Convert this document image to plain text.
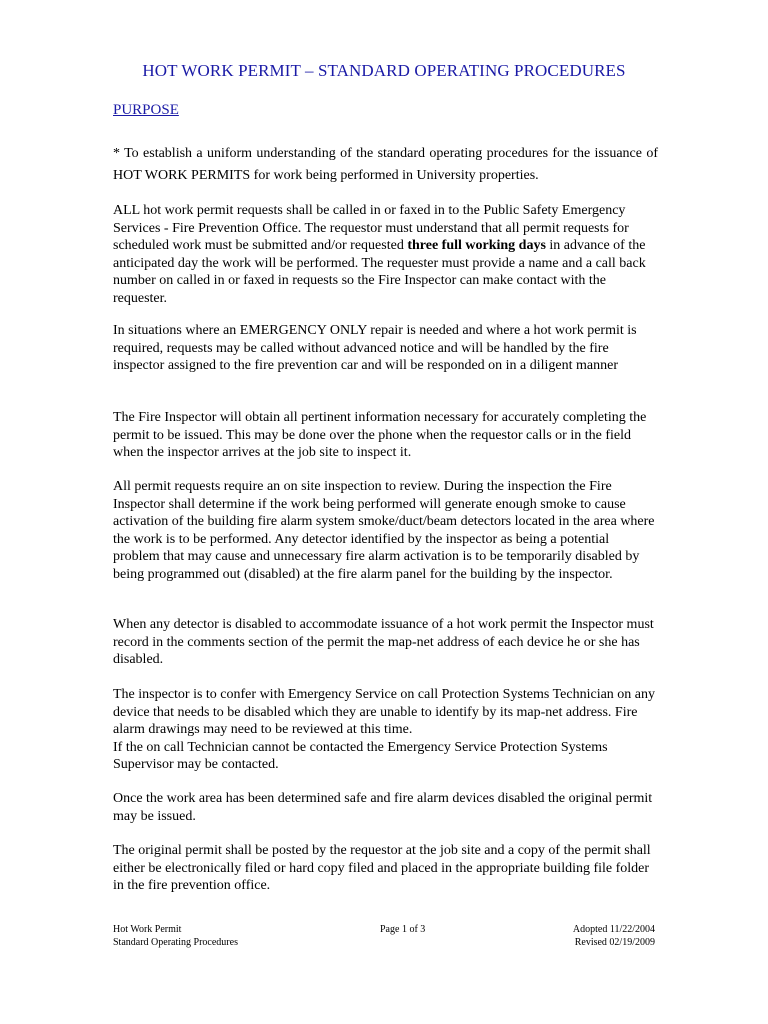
HOT WORK PERMIT – STANDARD OPERATING PROCEDURES
PURPOSE
* To establish a uniform understanding of the standard operating procedures for the issuance of HOT WORK PERMITS for work being performed in University properties.
ALL hot work permit requests shall be called in or faxed in to the Public Safety Emergency Services - Fire Prevention Office. The requestor must understand that all permit requests for scheduled work must be submitted and/or requested three full working days in advance of the anticipated day the work will be performed. The requester must provide a name and a call back number on called in or faxed in requests so the Fire Inspector can make contact with the requester.
In situations where an EMERGENCY ONLY repair is needed and where a hot work permit is required, requests may be called without advanced notice and will be handled by the fire inspector assigned to the fire prevention car and will be responded on in a diligent manner
The Fire Inspector will obtain all pertinent information necessary for accurately completing the permit to be issued. This may be done over the phone when the requestor calls or in the field when the inspector arrives at the job site to inspect it.
All permit requests require an on site inspection to review. During the inspection the Fire Inspector shall determine if the work being performed will generate enough smoke to cause activation of the building fire alarm system smoke/duct/beam detectors located in the area where the work is to be performed. Any detector identified by the inspector as being a potential problem that may cause and unnecessary fire alarm activation is to be temporarily disabled by being programmed out (disabled) at the fire alarm panel for the building by the inspector.
When any detector is disabled to accommodate issuance of a hot work permit the Inspector must record in the comments section of the permit the map-net address of each device he or she has disabled.
The inspector is to confer with Emergency Service on call Protection Systems Technician on any device that needs to be disabled which they are unable to identify by its map-net address. Fire alarm drawings may need to be reviewed at this time.
If the on call Technician cannot be contacted the Emergency Service Protection Systems Supervisor may be contacted.
Once the work area has been determined safe and fire alarm devices disabled the original permit may be issued.
The original permit shall be posted by the requestor at the job site and a copy of the permit shall either be electronically filed or hard copy filed and placed in the appropriate building file folder in the fire prevention office.
Hot Work Permit
Standard Operating Procedures
Page 1 of 3	Adopted 11/22/2004
Revised 02/19/2009
